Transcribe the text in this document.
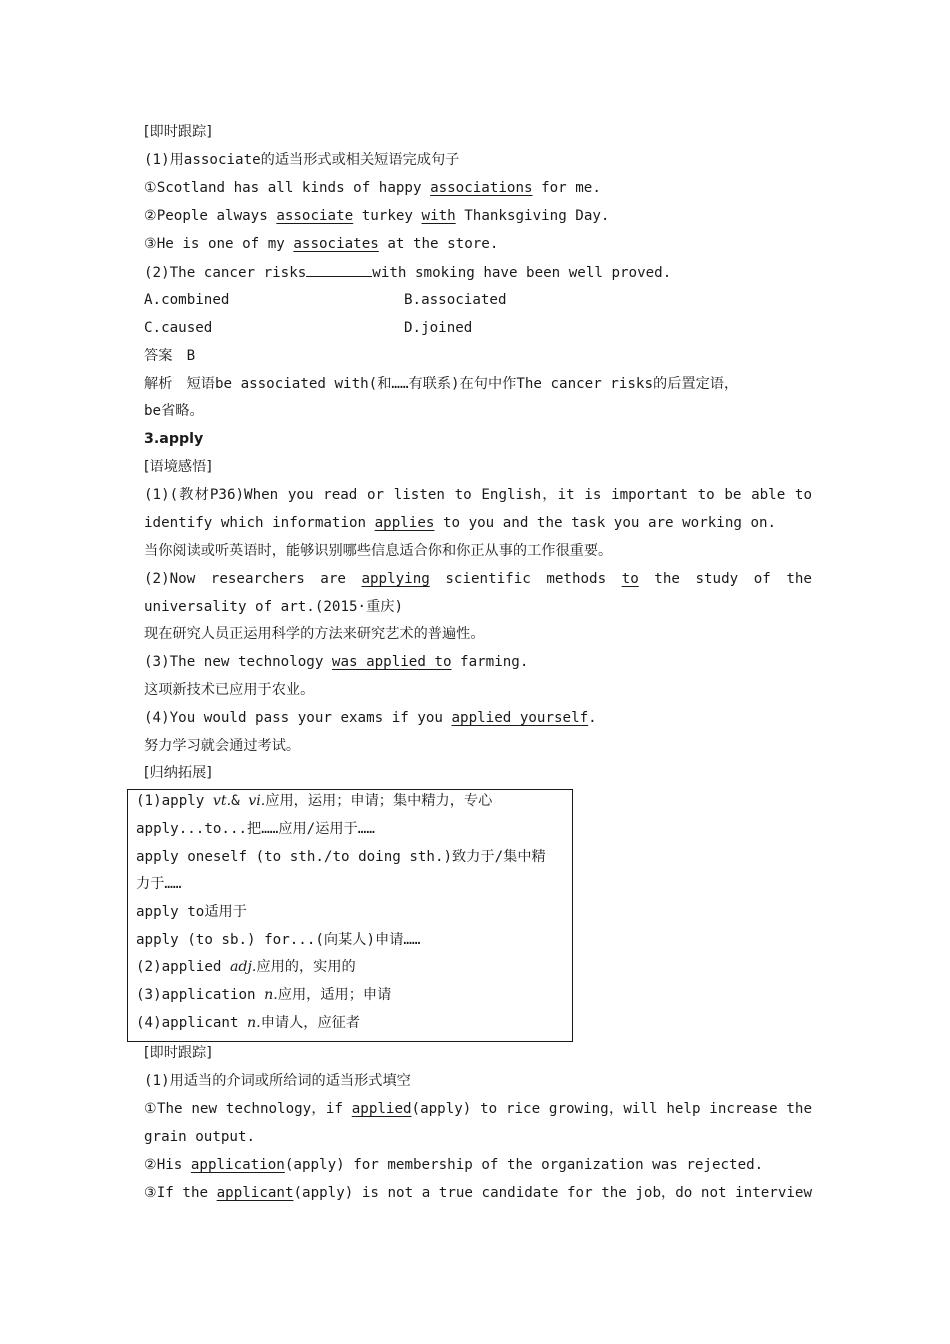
[即时跟踪]
(1)用associate的适当形式或相关短语完成句子
①Scotland has all kinds of happy associations for me.
②People always associate turkey with Thanksgiving Day.
③He is one of my associates at the store.
(2)The cancer risks	with smoking have been well proved.
A.combined	B.associated
C.caused	D.joined
答案　B
解析　短语be associated with(和……有联系)在句中作The cancer risks的后置定语，
be省略。
3.apply
[语境感悟]
(1)(教材P36)When you read or listen to English，it is important to be able to
identify which information applies to you and the task you are working on.
当你阅读或听英语时，能够识别哪些信息适合你和你正从事的工作很重要。
(2)Now researchers are applying scientific methods to the study of the
universality of art.(2015·重庆)
现在研究人员正运用科学的方法来研究艺术的普遍性。
(3)The new technology was applied to farming.
这项新技术已应用于农业。
(4)You would pass your exams if you applied yourself.
努力学习就会通过考试。
[归纳拓展]
(1)apply vt.& vi.应用，运用；申请；集中精力，专心
apply...to...把……应用/运用于……
apply oneself (to sth./to doing sth.)致力于/集中精
力于……
apply to适用于
apply (to sb.) for...(向某人)申请……
(2)applied adj.应用的，实用的
(3)application n.应用，适用；申请
(4)applicant n.申请人，应征者
[即时跟踪]
(1)用适当的介词或所给词的适当形式填空
①The new technology，if applied(apply) to rice growing，will help increase the
grain output.
②His application(apply) for membership of the organization was rejected.
③If the applicant(apply) is not a true candidate for the job，do not interview
